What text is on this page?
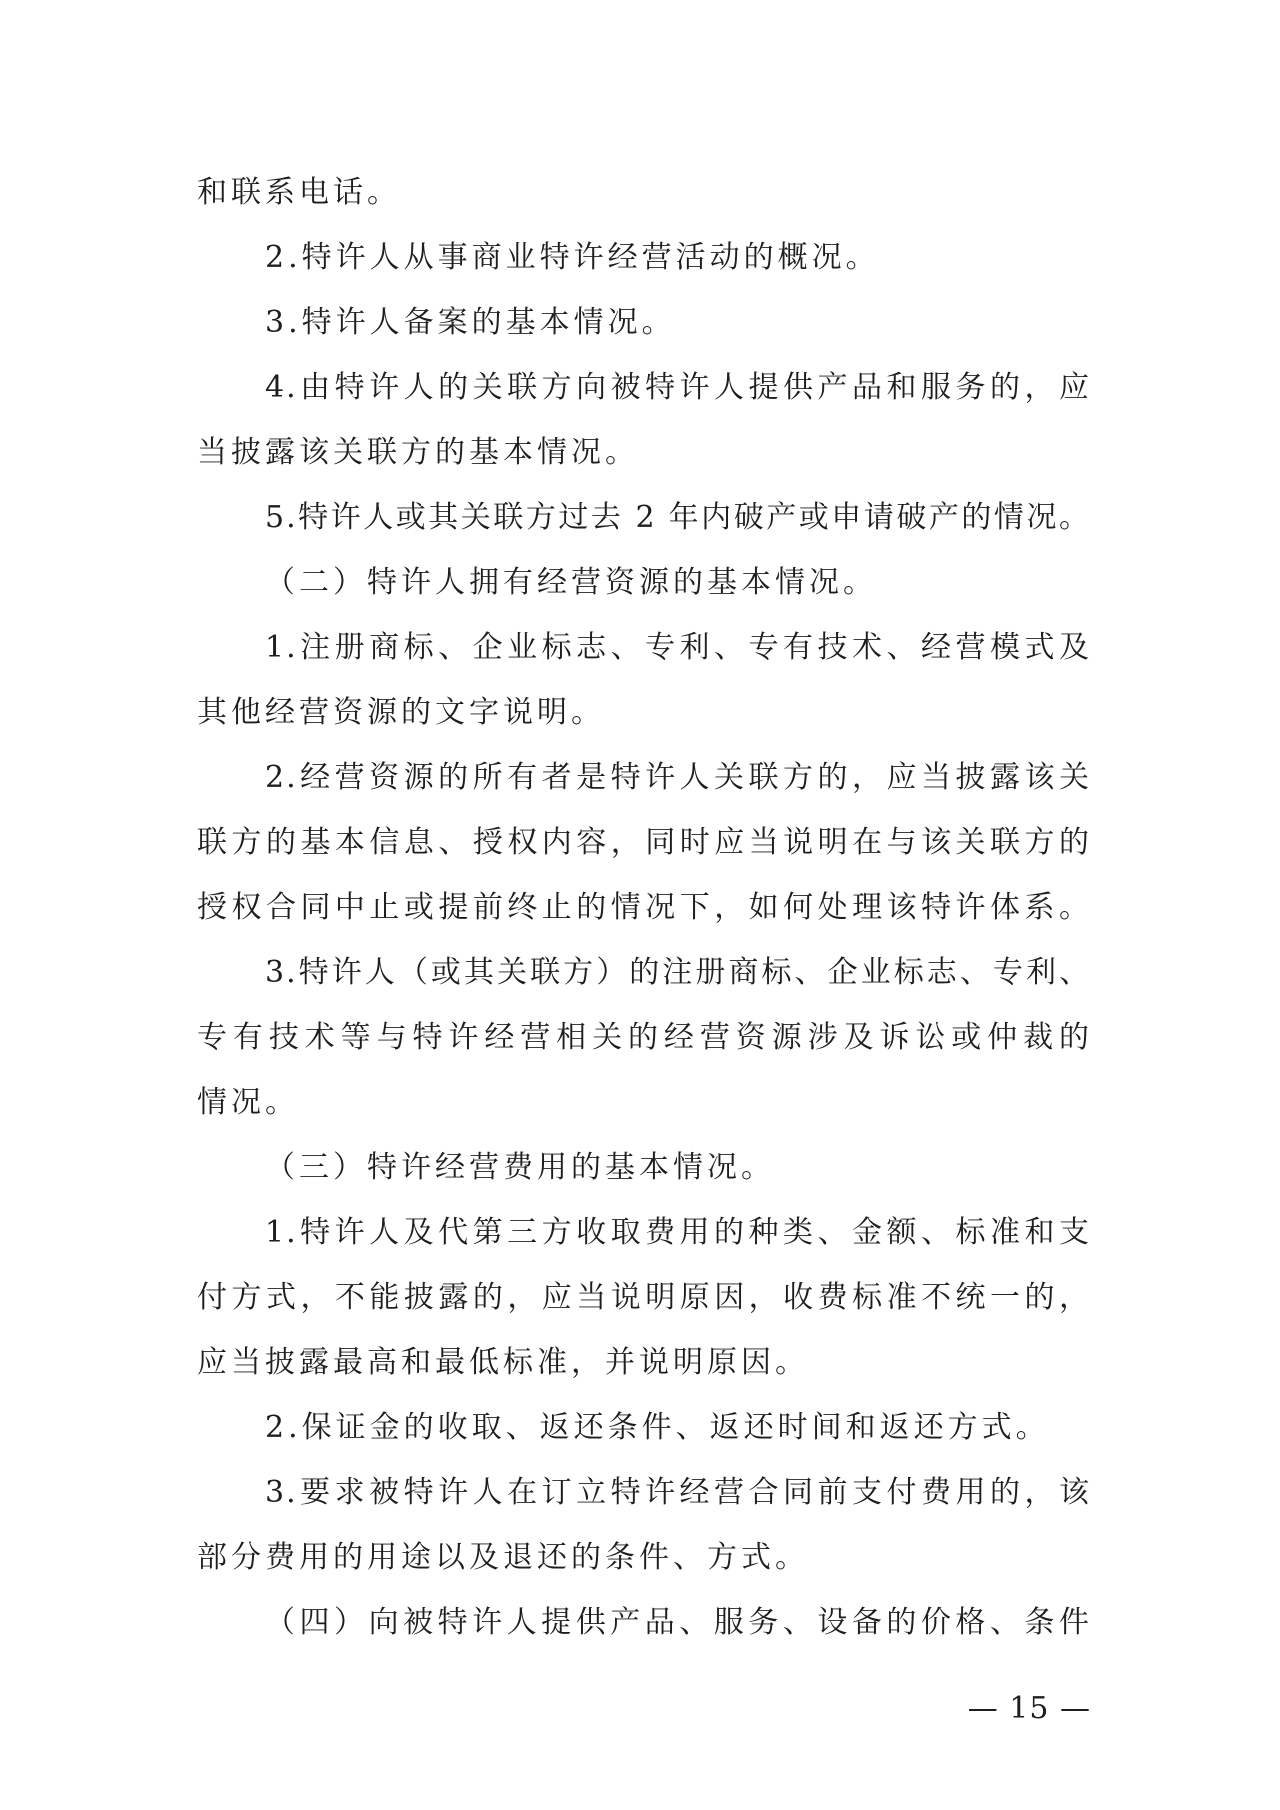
和联系电话。
2.特许人从事商业特许经营活动的概况。
3.特许人备案的基本情况。
4.由特许人的关联方向被特许人提供产品和服务的，应
当披露该关联方的基本情况。
5.特许人或其关联方过去 2 年内破产或申请破产的情况。
（二）特许人拥有经营资源的基本情况。
1.注册商标、企业标志、专利、专有技术、经营模式及
其他经营资源的文字说明。
2.经营资源的所有者是特许人关联方的，应当披露该关
联方的基本信息、授权内容，同时应当说明在与该关联方的
授权合同中止或提前终止的情况下，如何处理该特许体系。
3.特许人（或其关联方）的注册商标、企业标志、专利、
专有技术等与特许经营相关的经营资源涉及诉讼或仲裁的
情况。
（三）特许经营费用的基本情况。
1.特许人及代第三方收取费用的种类、金额、标准和支
付方式，不能披露的，应当说明原因，收费标准不统一的，
应当披露最高和最低标准，并说明原因。
2.保证金的收取、返还条件、返还时间和返还方式。
3.要求被特许人在订立特许经营合同前支付费用的，该
部分费用的用途以及退还的条件、方式。
（四）向被特许人提供产品、服务、设备的价格、条件
— 15 —
